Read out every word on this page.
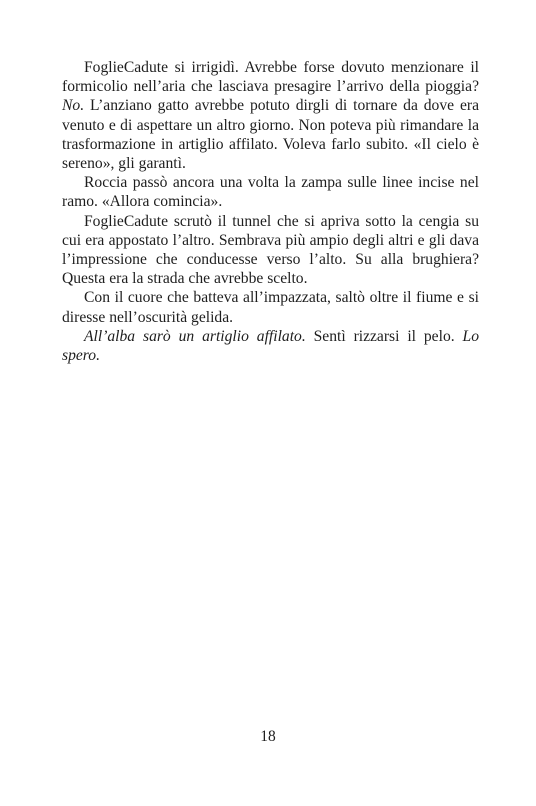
FoglieCadute si irrigidì. Avrebbe forse dovuto menzionare il formicolio nell’aria che lasciava presagire l’arrivo della pioggia? No. L’anziano gatto avrebbe potuto dirgli di tornare da dove era venuto e di aspettare un altro giorno. Non poteva più rimandare la trasformazione in artiglio affilato. Voleva farlo subito. «Il cielo è sereno», gli garantì.

Roccia passò ancora una volta la zampa sulle linee incise nel ramo. «Allora comincia».

FoglieCadute scrutò il tunnel che si apriva sotto la cengia su cui era appostato l’altro. Sembrava più ampio degli altri e gli dava l’impressione che conducesse verso l’alto. Su alla brughiera? Questa era la strada che avrebbe scelto.

Con il cuore che batteva all’impazzata, saltò oltre il fiume e si diresse nell’oscurità gelida.

All’alba sarò un artiglio affilato. Sentì rizzarsi il pelo. Lo spero.

18
